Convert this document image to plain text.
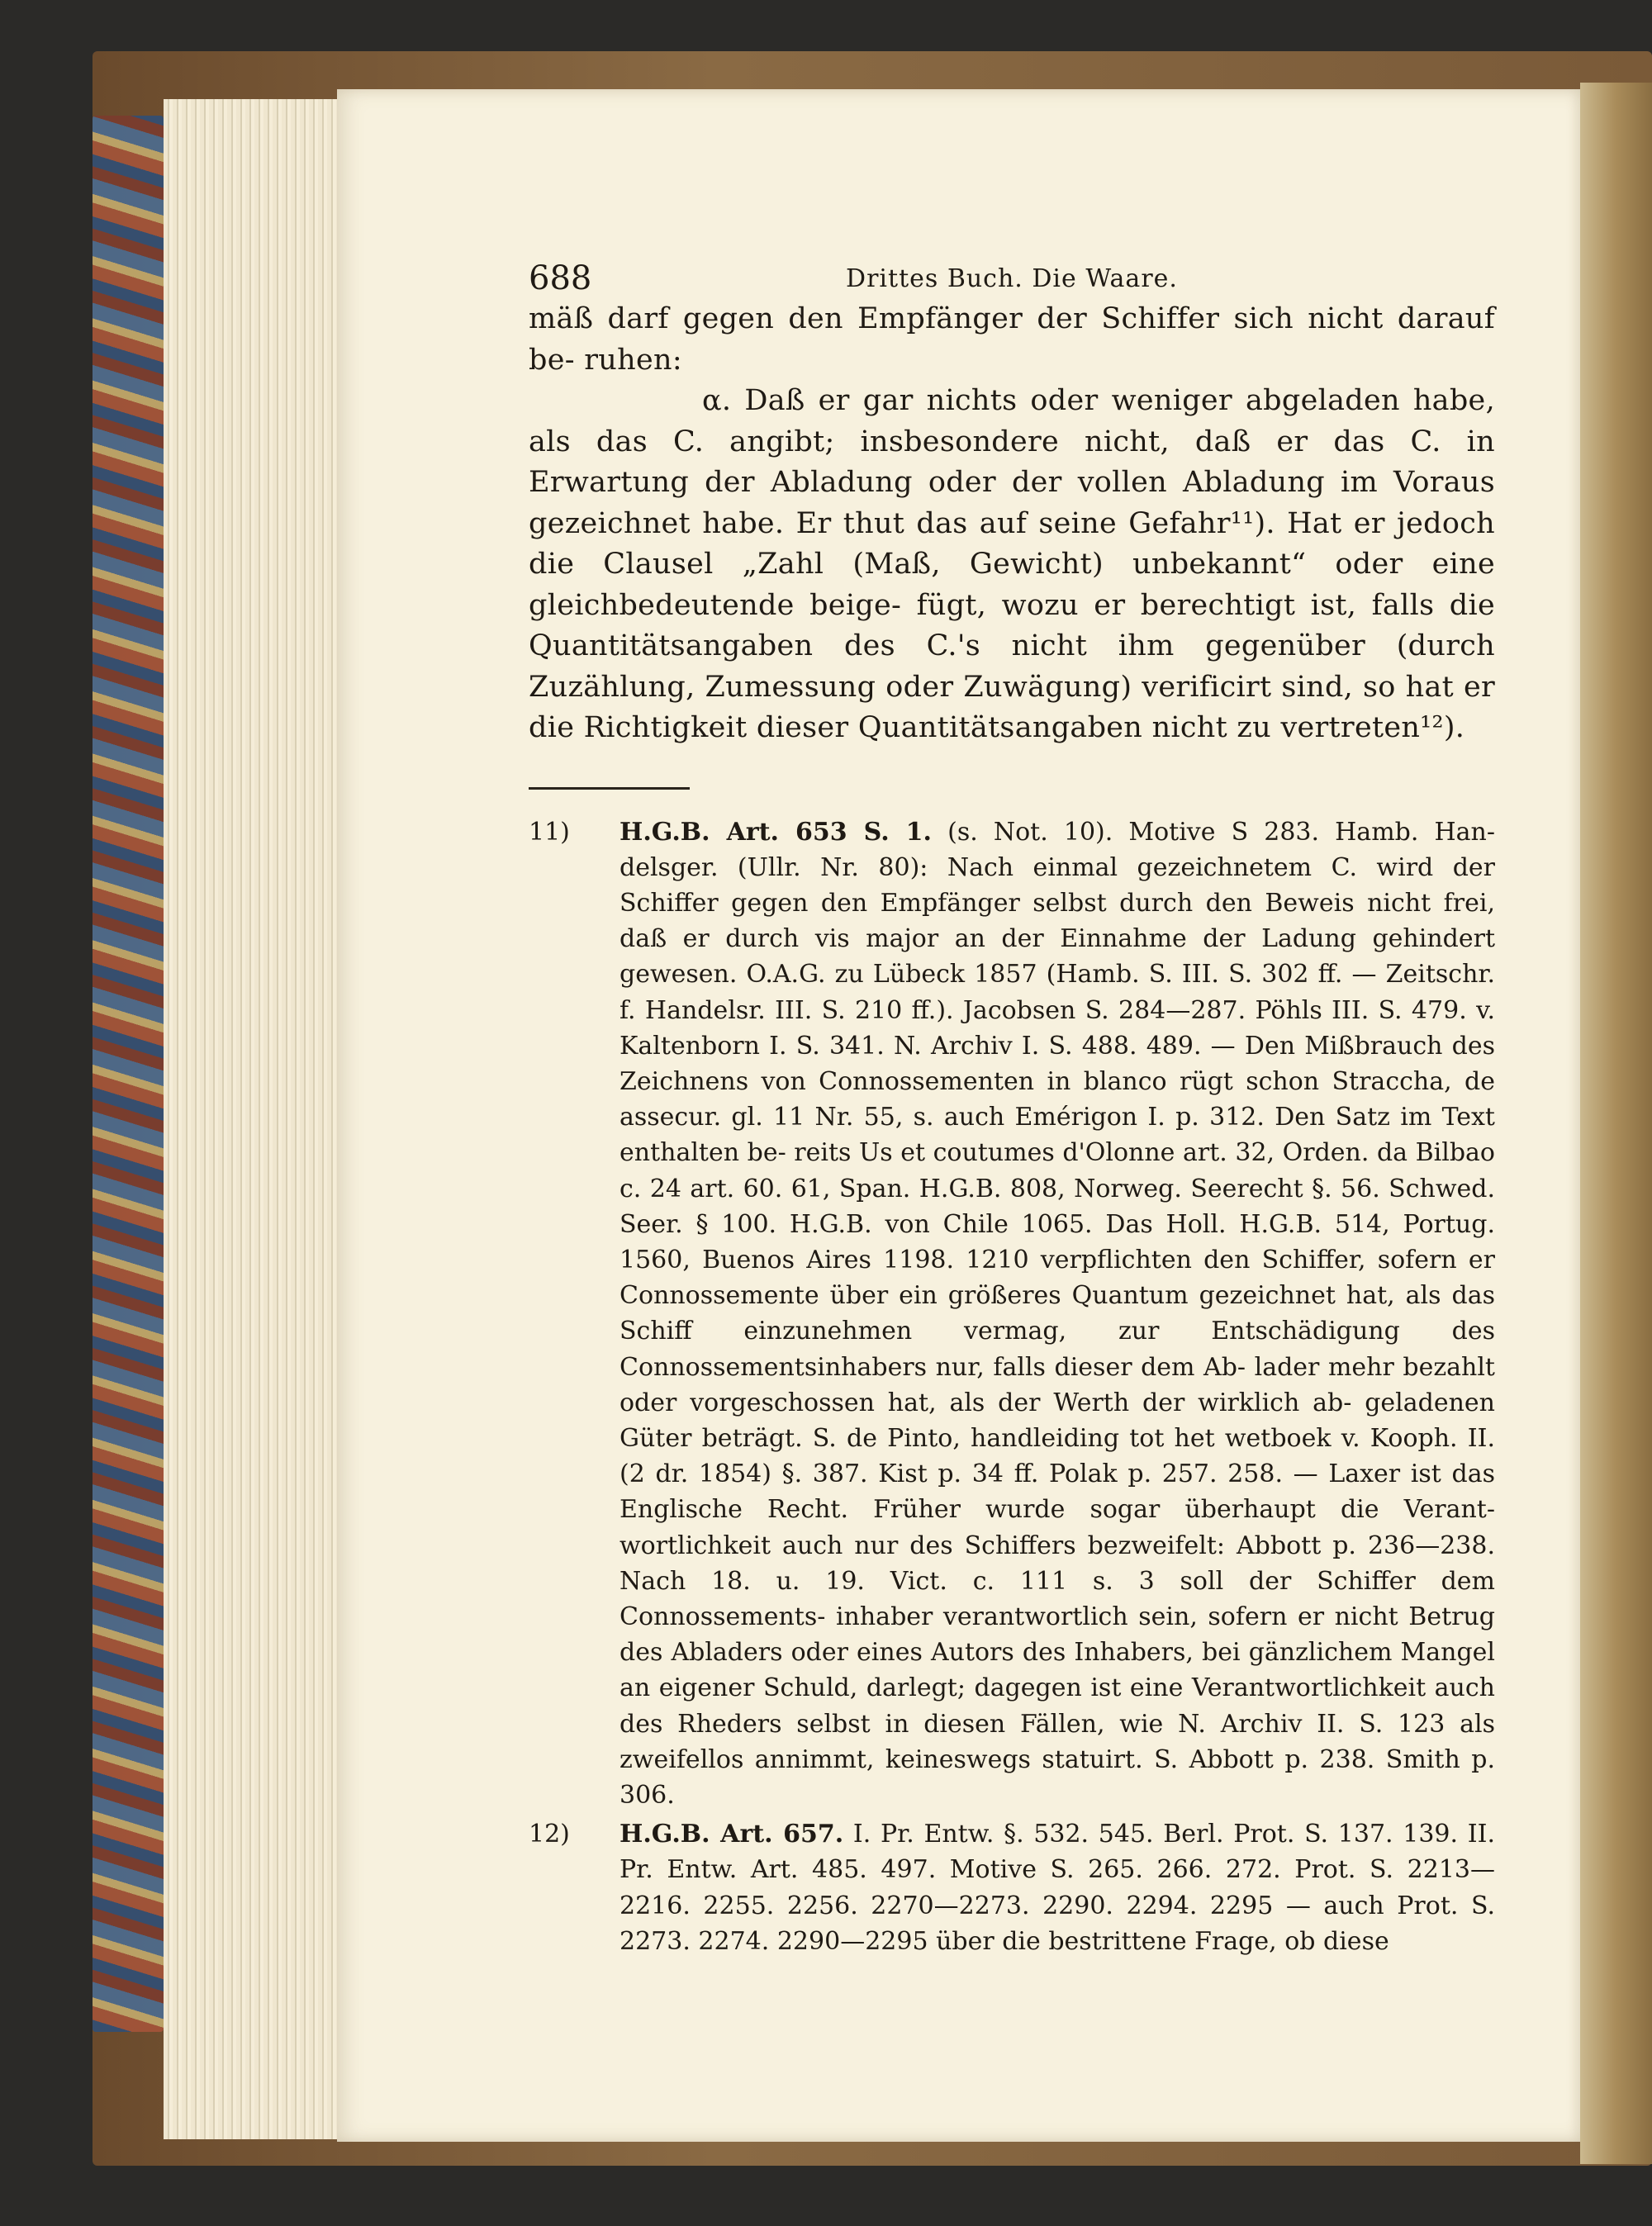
688	Drittes Buch. Die Waare.

mäß darf gegen den Empfänger der Schiffer sich nicht darauf be- ruhen:

α. Daß er gar nichts oder weniger abgeladen habe, als das C. angibt; insbesondere nicht, daß er das C. in Erwartung der Abladung oder der vollen Abladung im Voraus gezeichnet habe. Er thut das auf seine Gefahr¹¹). Hat er jedoch die Clausel „Zahl (Maß, Gewicht) unbekannt“ oder eine gleichbedeutende beige- fügt, wozu er berechtigt ist, falls die Quantitätsangaben des C.'s nicht ihm gegenüber (durch Zuzählung, Zumessung oder Zuwägung) verificirt sind, so hat er die Richtigkeit dieser Quantitätsangaben nicht zu vertreten¹²).

11)	H.G.B. Art. 653 S. 1. (s. Not. 10). Motive S 283. Hamb. Han- delsger. (Ullr. Nr. 80): Nach einmal gezeichnetem C. wird der Schiffer gegen den Empfänger selbst durch den Beweis nicht frei, daß er durch vis major an der Einnahme der Ladung gehindert gewesen. O.A.G. zu Lübeck 1857 (Hamb. S. III. S. 302 ff. — Zeitschr. f. Handelsr. III. S. 210 ff.). Jacobsen S. 284—287. Pöhls III. S. 479. v. Kaltenborn I. S. 341. N. Archiv I. S. 488. 489. — Den Mißbrauch des Zeichnens von Connossementen in blanco rügt schon Straccha, de assecur. gl. 11 Nr. 55, s. auch Emérigon I. p. 312. Den Satz im Text enthalten be- reits Us et coutumes d'Olonne art. 32, Orden. da Bilbao c. 24 art. 60. 61, Span. H.G.B. 808, Norweg. Seerecht §. 56. Schwed. Seer. § 100. H.G.B. von Chile 1065. Das Holl. H.G.B. 514, Portug. 1560, Buenos Aires 1198. 1210 verpflichten den Schiffer, sofern er Connossemente über ein größeres Quantum gezeichnet hat, als das Schiff einzunehmen vermag, zur Entschädigung des Connossementsinhabers nur, falls dieser dem Ab- lader mehr bezahlt oder vorgeschossen hat, als der Werth der wirklich ab- geladenen Güter beträgt. S. de Pinto, handleiding tot het wetboek v. Kooph. II. (2 dr. 1854) §. 387. Kist p. 34 ff. Polak p. 257. 258. — Laxer ist das Englische Recht. Früher wurde sogar überhaupt die Verant- wortlichkeit auch nur des Schiffers bezweifelt: Abbott p. 236—238. Nach 18. u. 19. Vict. c. 111 s. 3 soll der Schiffer dem Connossements- inhaber verantwortlich sein, sofern er nicht Betrug des Abladers oder eines Autors des Inhabers, bei gänzlichem Mangel an eigener Schuld, darlegt; dagegen ist eine Verantwortlichkeit auch des Rheders selbst in diesen Fällen, wie N. Archiv II. S. 123 als zweifellos annimmt, keineswegs statuirt. S. Abbott p. 238. Smith p. 306.

12)	H.G.B. Art. 657. I. Pr. Entw. §. 532. 545. Berl. Prot. S. 137. 139. II. Pr. Entw. Art. 485. 497. Motive S. 265. 266. 272. Prot. S. 2213—2216. 2255. 2256. 2270—2273. 2290. 2294. 2295 — auch Prot. S. 2273. 2274. 2290—2295 über die bestrittene Frage, ob diese
